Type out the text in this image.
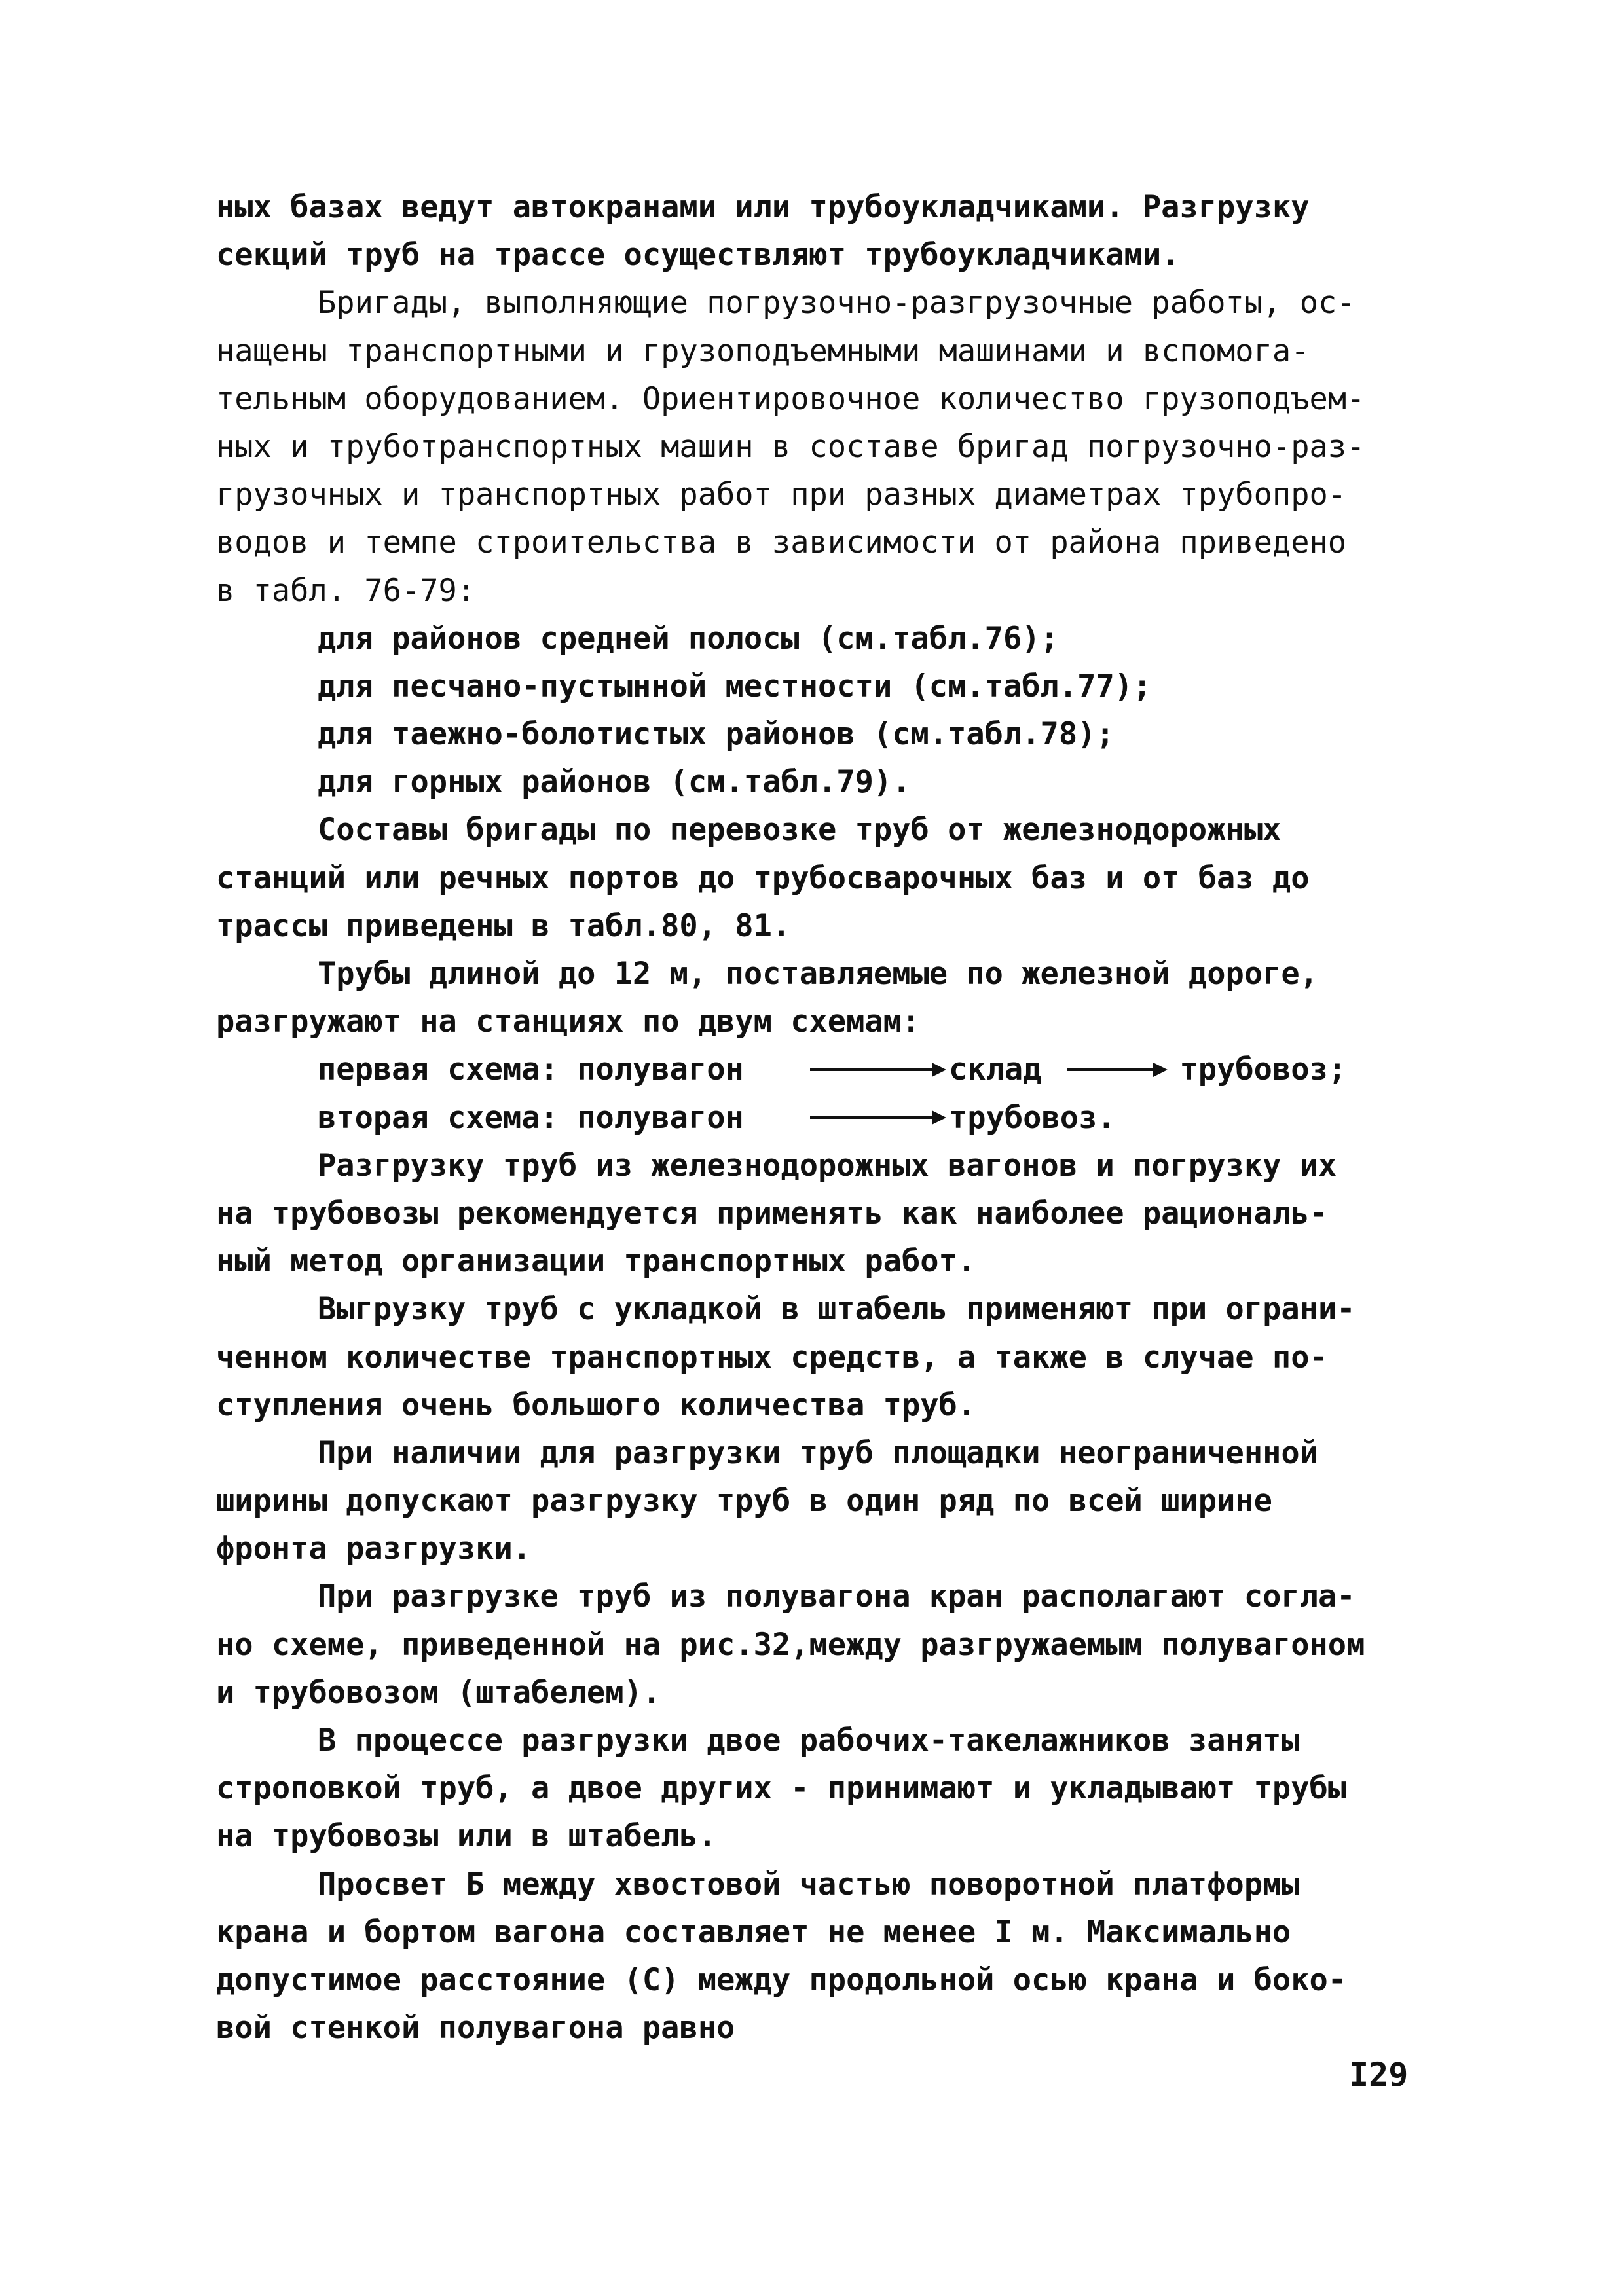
ных базах ведут автокранами или трубоукладчиками. Разгрузку
секций труб на трассе осуществляют трубоукладчиками.
Бригады, выполняющие погрузочно-разгрузочные работы, ос-
нащены транспортными и грузоподъемными машинами и вспомога-
тельным оборудованием. Ориентировочное количество грузоподъем-
ных и труботранспортных машин в составе бригад погрузочно-раз-
грузочных и транспортных работ при разных диаметрах трубопро-
водов и темпе строительства в зависимости от района приведено
в табл. 76-79:
для районов средней полосы (см.табл.76);
для песчано-пустынной местности (см.табл.77);
для таежно-болотистых районов (см.табл.78);
для горных районов (см.табл.79).
Составы бригады по перевозке труб от железнодорожных
станций или речных портов до трубосварочных баз и от баз до
трассы приведены в табл.80, 81.
Трубы длиной до 12 м, поставляемые по железной дороге,
разгружают на станциях по двум схемам:
первая схема: полувагон	склад	трубовоз;
вторая схема: полувагон	трубовоз.
Разгрузку труб из железнодорожных вагонов и погрузку их
на трубовозы рекомендуется применять как наиболее рациональ-
ный метод организации транспортных работ.
Выгрузку труб с укладкой в штабель применяют при ограни-
ченном количестве транспортных средств, а также в случае по-
ступления очень большого количества труб.
При наличии для разгрузки труб площадки неограниченной
ширины допускают разгрузку труб в один ряд по всей ширине
фронта разгрузки.
При разгрузке труб из полувагона кран располагают согла-
но схеме, приведенной на рис.32,между разгружаемым полувагоном
и трубовозом (штабелем).
В процессе разгрузки двое рабочих-такелажников заняты
строповкой труб, а двое других - принимают и укладывают трубы
на трубовозы или в штабель.
Просвет Б между хвостовой частью поворотной платформы
крана и бортом вагона составляет не менее I м. Максимально
допустимое расстояние (С) между продольной осью крана и боко-
вой стенкой полувагона равно
I29
